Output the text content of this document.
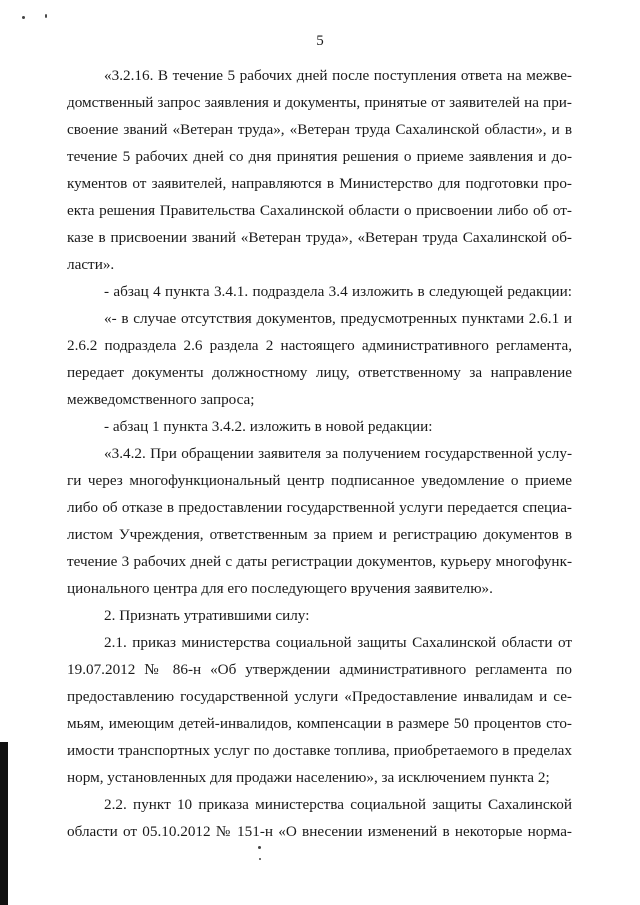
5
«3.2.16. В течение 5 рабочих дней после поступления ответа на межве-
домственный запрос заявления и документы, принятые от заявителей на при-
своение званий «Ветеран труда», «Ветеран труда Сахалинской области», и в
течение 5 рабочих дней со дня принятия решения о приеме заявления и до-
кументов от заявителей, направляются в Министерство для подготовки про-
екта решения Правительства Сахалинской области о присвоении либо об от-
казе в присвоении званий «Ветеран труда», «Ветеран труда Сахалинской об-
ласти».
- абзац 4 пункта 3.4.1. подраздела 3.4 изложить в следующей редакции:
«- в случае отсутствия документов, предусмотренных пунктами 2.6.1 и
2.6.2 подраздела 2.6 раздела 2 настоящего административного регламента,
передает документы должностному лицу, ответственному за направление
межведомственного запроса;
- абзац 1 пункта 3.4.2. изложить в новой редакции:
«3.4.2. При обращении заявителя за получением государственной услу-
ги через многофункциональный центр подписанное уведомление о приеме
либо об отказе в предоставлении государственной услуги передается специа-
листом Учреждения, ответственным за прием и регистрацию документов в
течение 3 рабочих дней с даты регистрации документов, курьеру многофунк-
ционального центра для его последующего вручения заявителю».
2. Признать утратившими силу:
2.1. приказ министерства социальной защиты Сахалинской области от
19.07.2012 № 86-н «Об утверждении административного регламента по
предоставлению государственной услуги «Предоставление инвалидам и се-
мьям, имеющим детей-инвалидов, компенсации в размере 50 процентов сто-
имости транспортных услуг по доставке топлива, приобретаемого в пределах
норм, установленных для продажи населению», за исключением пункта 2;
2.2. пункт 10 приказа министерства социальной защиты Сахалинской
области от 05.10.2012 № 151-н «О внесении изменений в некоторые норма-
